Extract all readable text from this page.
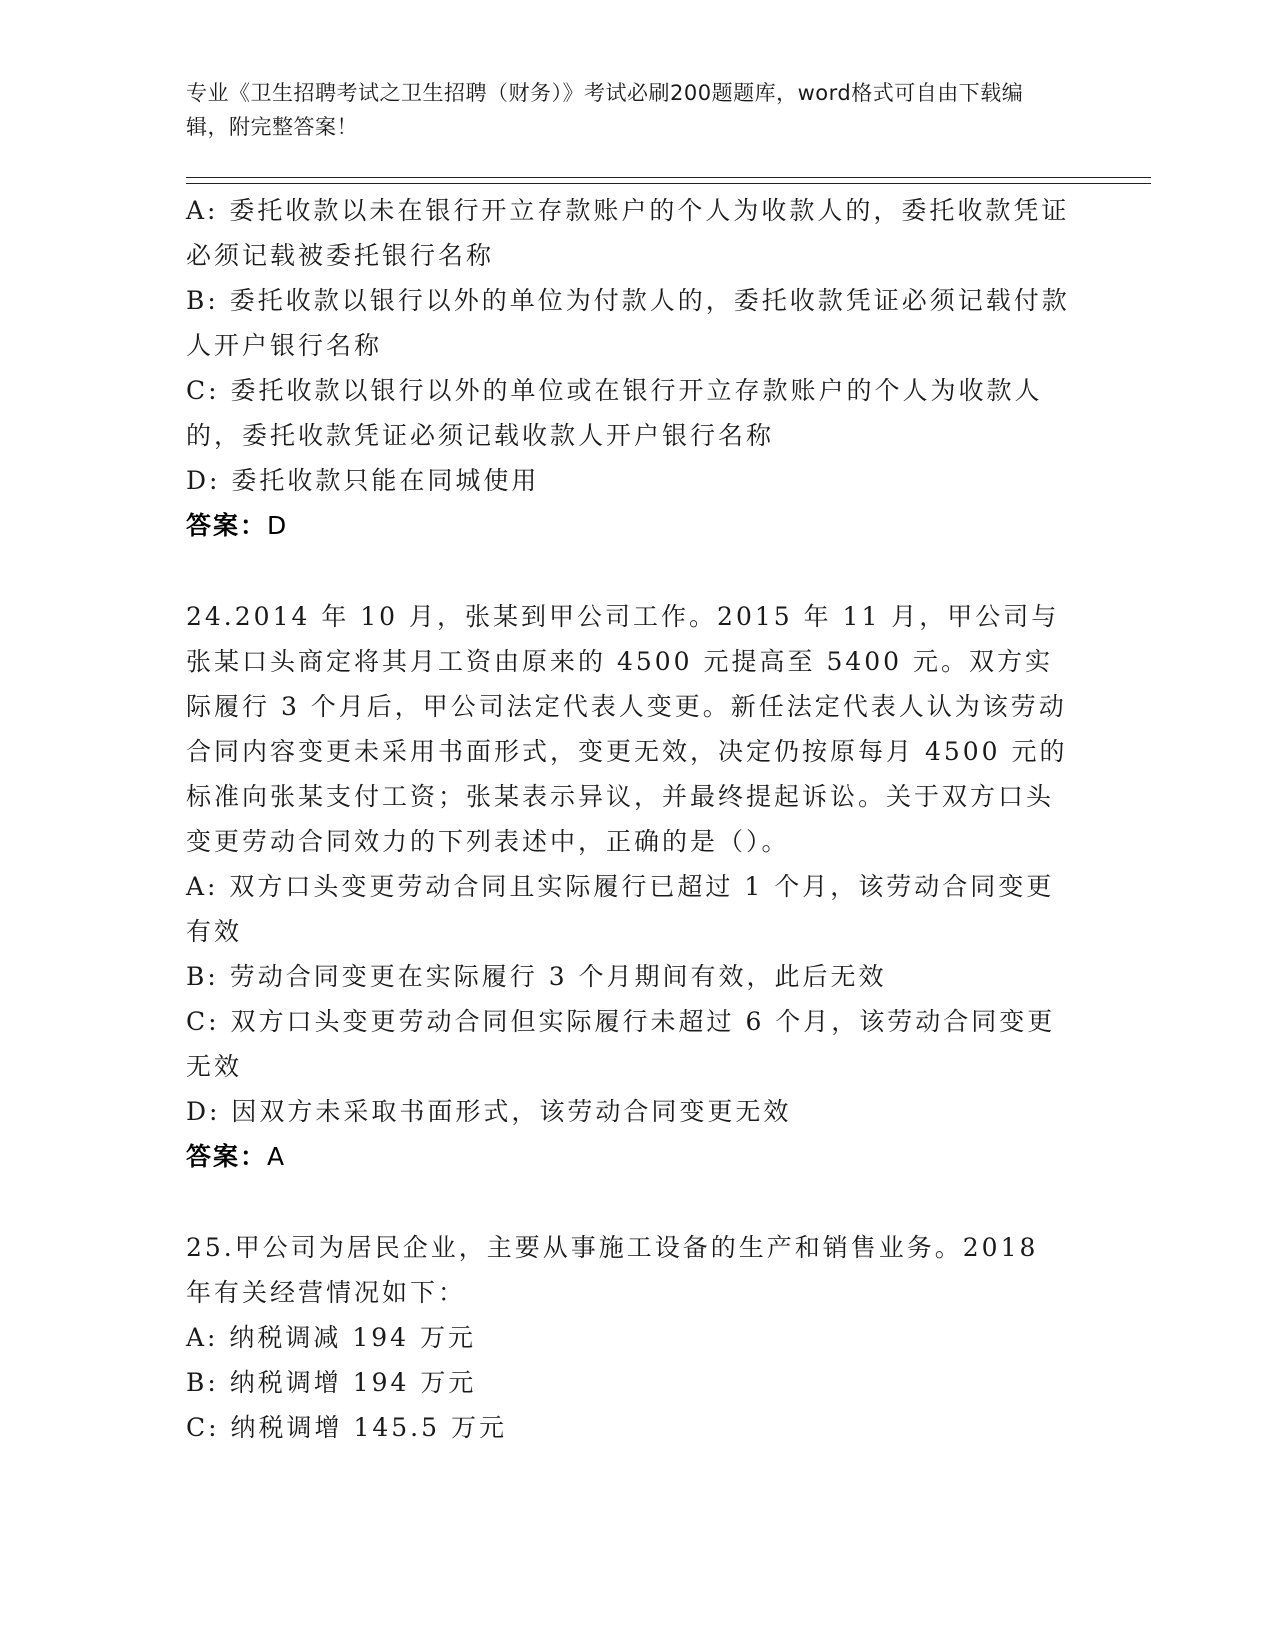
专业《卫生招聘考试之卫生招聘（财务）》考试必刷200题题库，word格式可自由下载编辑，附完整答案！

A: 委托收款以未在银行开立存款账户的个人为收款人的，委托收款凭证必须记载被委托银行名称

B: 委托收款以银行以外的单位为付款人的，委托收款凭证必须记载付款人开户银行名称

C: 委托收款以银行以外的单位或在银行开立存款账户的个人为收款人的，委托收款凭证必须记载收款人开户银行名称

D: 委托收款只能在同城使用

答案：D

24.2014 年 10 月，张某到甲公司工作。2015 年 11 月，甲公司与张某口头商定将其月工资由原来的 4500 元提高至 5400 元。双方实际履行 3 个月后，甲公司法定代表人变更。新任法定代表人认为该劳动合同内容变更未采用书面形式，变更无效，决定仍按原每月 4500 元的标准向张某支付工资；张某表示异议，并最终提起诉讼。关于双方口头变更劳动合同效力的下列表述中，正确的是（）。

A: 双方口头变更劳动合同且实际履行已超过 1 个月，该劳动合同变更有效

B: 劳动合同变更在实际履行 3 个月期间有效，此后无效

C: 双方口头变更劳动合同但实际履行未超过 6 个月，该劳动合同变更无效

D: 因双方未采取书面形式，该劳动合同变更无效

答案：A

25.甲公司为居民企业，主要从事施工设备的生产和销售业务。2018 年有关经营情况如下：

A: 纳税调减 194 万元

B: 纳税调增 194 万元

C: 纳税调增 145.5 万元
